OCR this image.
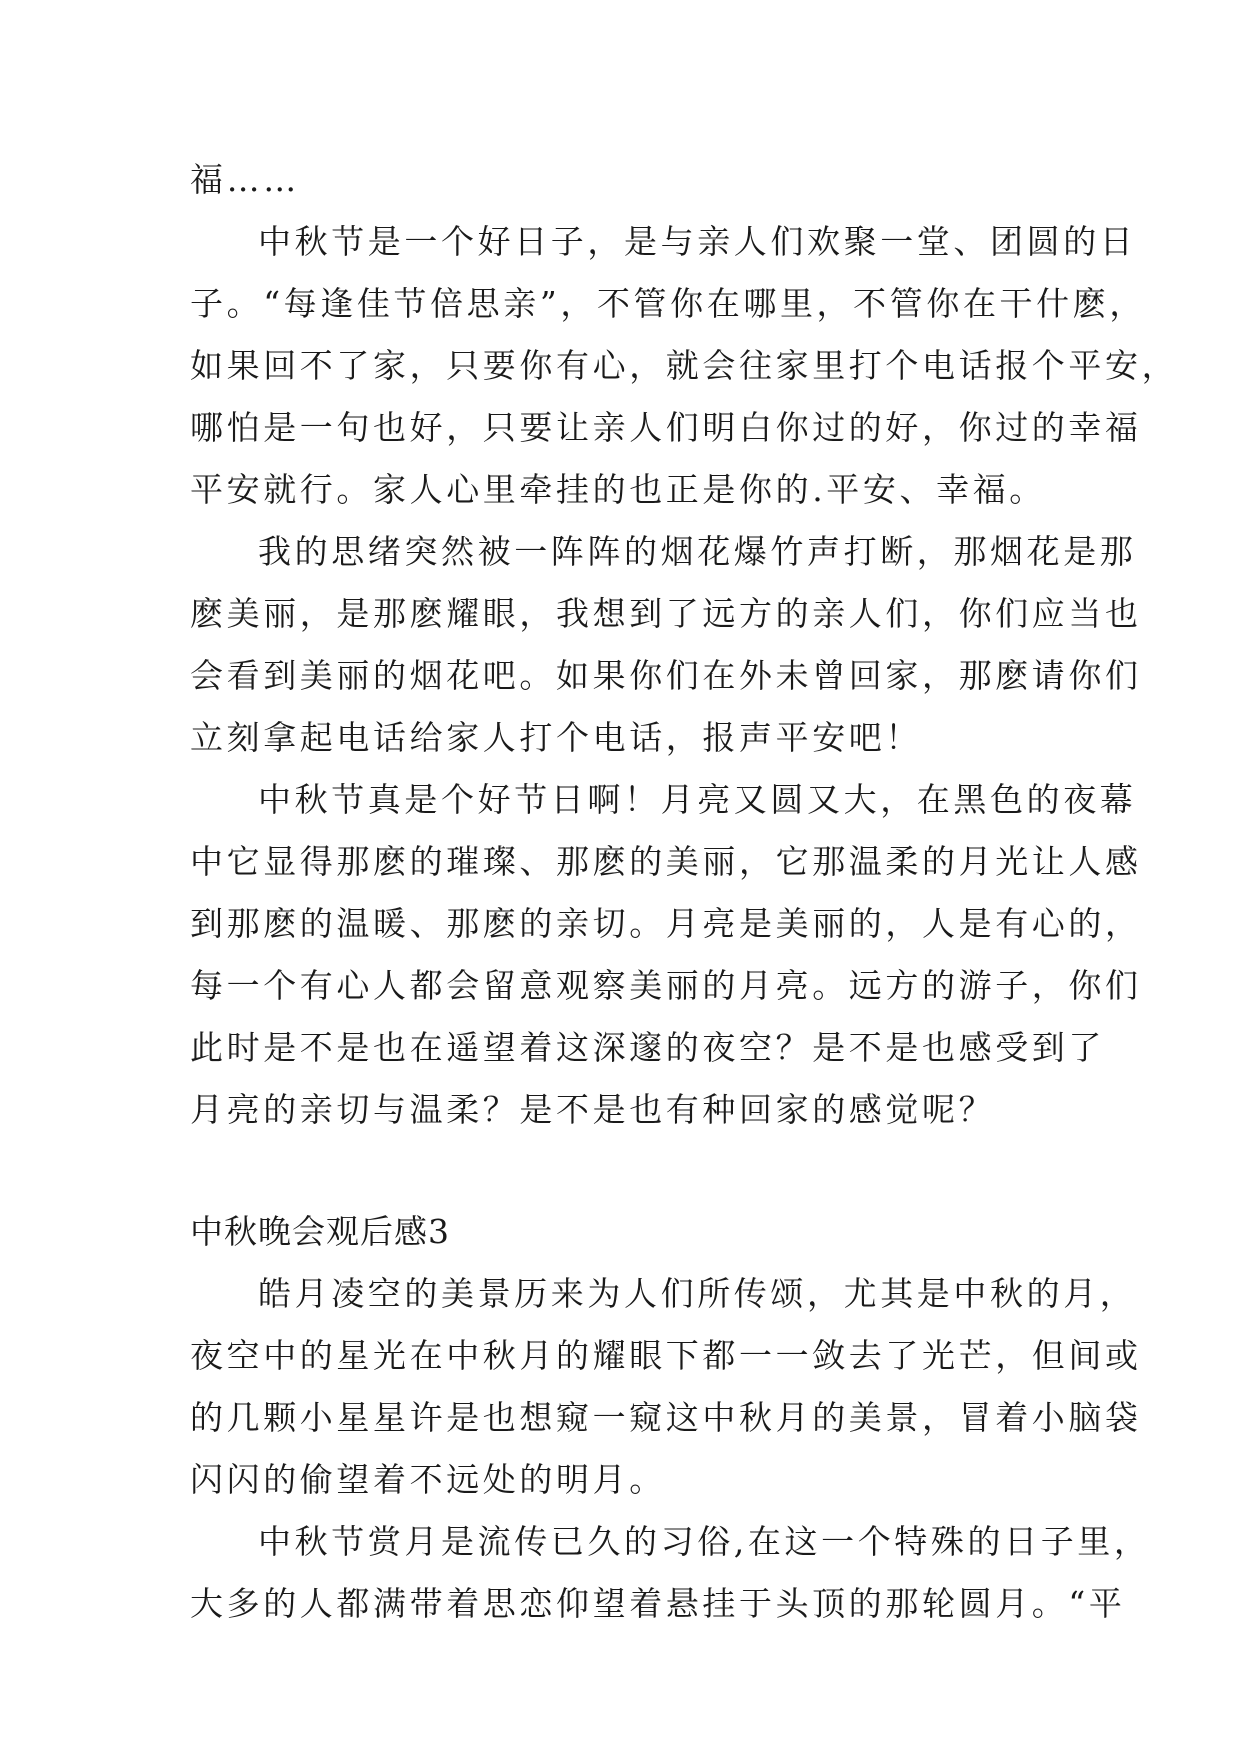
福……
中秋节是一个好日子，是与亲人们欢聚一堂、团圆的日
子。“每逢佳节倍思亲”，不管你在哪里，不管你在干什麽，
如果回不了家，只要你有心，就会往家里打个电话报个平安，
哪怕是一句也好，只要让亲人们明白你过的好，你过的幸福
平安就行。家人心里牵挂的也正是你的.平安、幸福。
我的思绪突然被一阵阵的烟花爆竹声打断，那烟花是那
麽美丽，是那麽耀眼，我想到了远方的亲人们，你们应当也
会看到美丽的烟花吧。如果你们在外未曾回家，那麽请你们
立刻拿起电话给家人打个电话，报声平安吧！
中秋节真是个好节日啊！月亮又圆又大，在黑色的夜幕
中它显得那麽的璀璨、那麽的美丽，它那温柔的月光让人感
到那麽的温暖、那麽的亲切。月亮是美丽的，人是有心的，
每一个有心人都会留意观察美丽的月亮。远方的游子，你们
此时是不是也在遥望着这深邃的夜空？是不是也感受到了
月亮的亲切与温柔？是不是也有种回家的感觉呢？
中秋晚会观后感3
皓月凌空的美景历来为人们所传颂，尤其是中秋的月，
夜空中的星光在中秋月的耀眼下都一一敛去了光芒，但间或
的几颗小星星许是也想窥一窥这中秋月的美景，冒着小脑袋
闪闪的偷望着不远处的明月。
中秋节赏月是流传已久的习俗,在这一个特殊的日子里，
大多的人都满带着思恋仰望着悬挂于头顶的那轮圆月。“平
